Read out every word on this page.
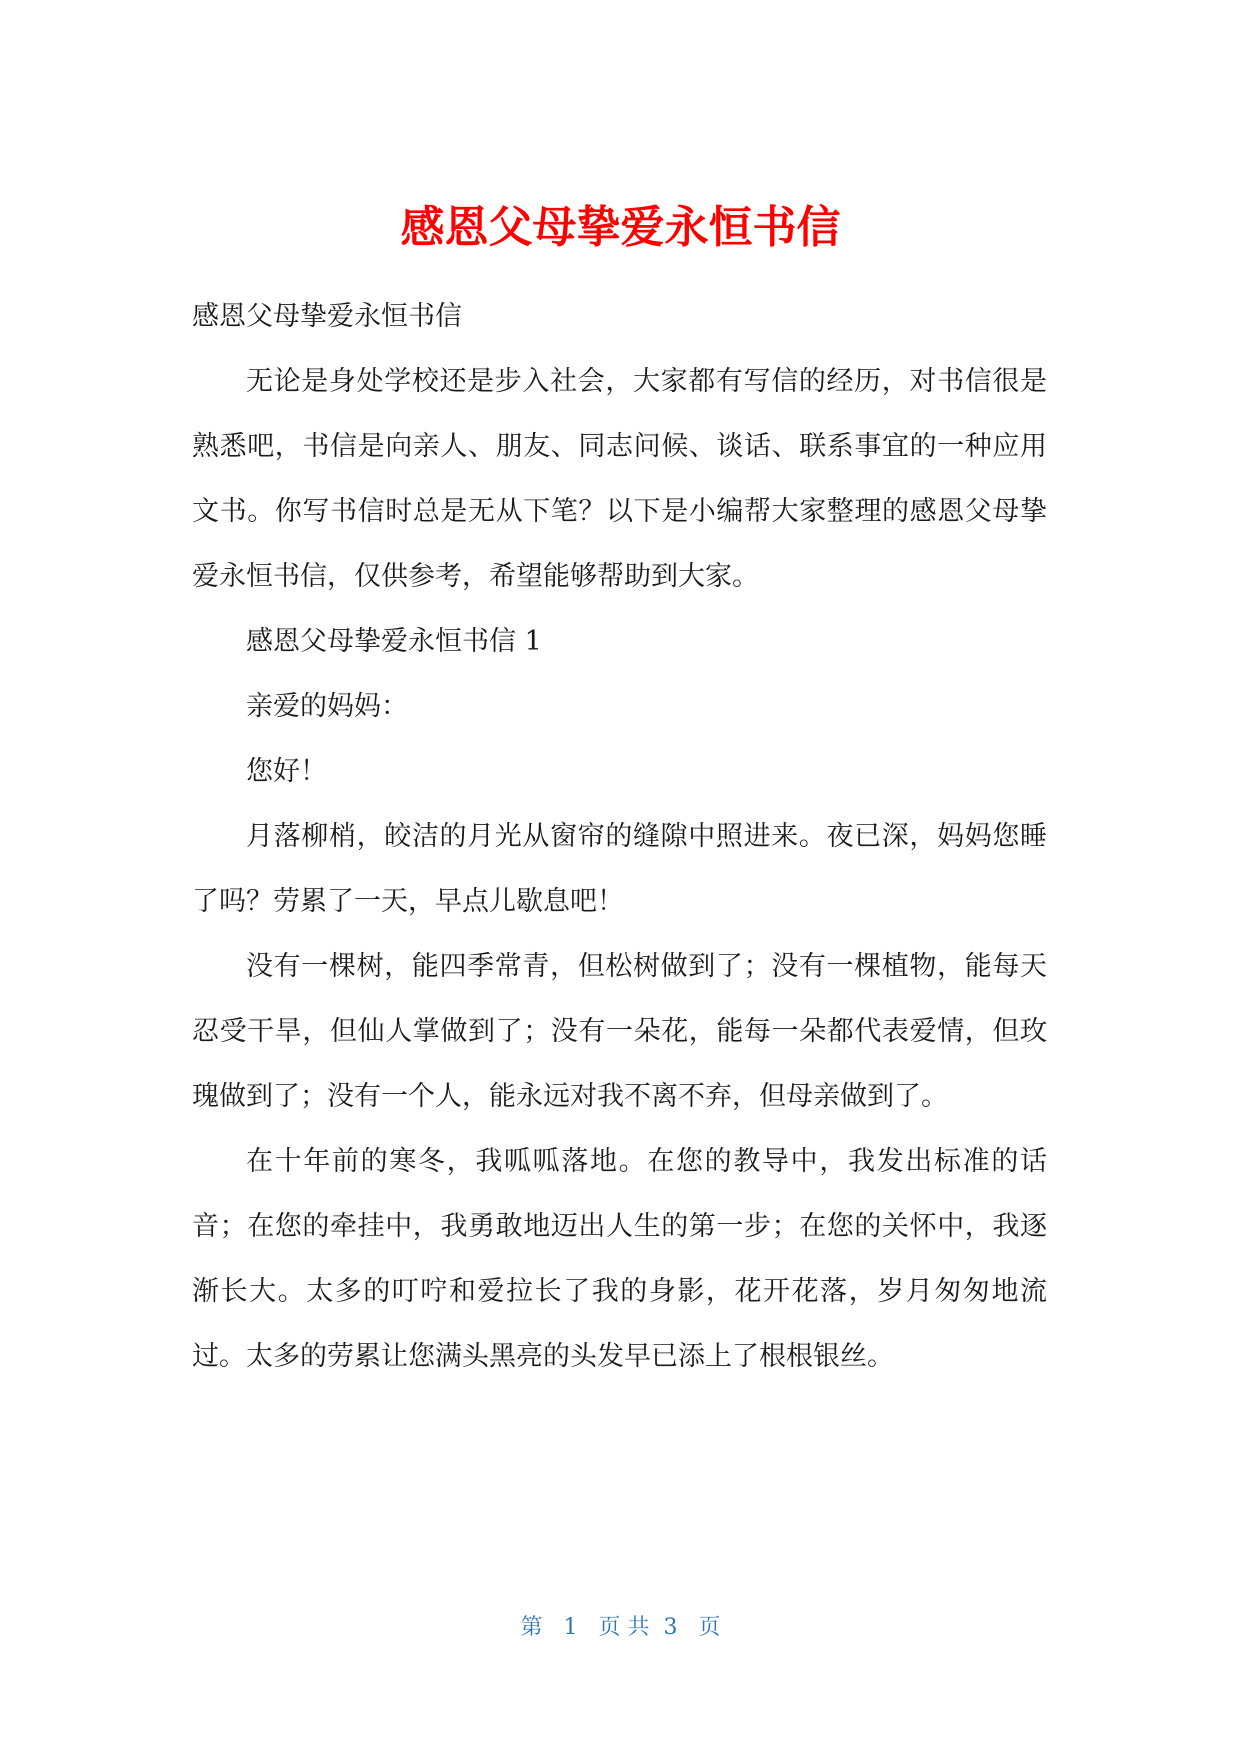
感恩父母挚爱永恒书信

感恩父母挚爱永恒书信

无论是身处学校还是步入社会，大家都有写信的经历，对书信很是熟悉吧，书信是向亲人、朋友、同志问候、谈话、联系事宜的一种应用文书。你写书信时总是无从下笔？以下是小编帮大家整理的感恩父母挚爱永恒书信，仅供参考，希望能够帮助到大家。

感恩父母挚爱永恒书信 1

亲爱的妈妈：

您好！

月落柳梢，皎洁的月光从窗帘的缝隙中照进来。夜已深，妈妈您睡了吗？劳累了一天，早点儿歇息吧！

没有一棵树，能四季常青，但松树做到了；没有一棵植物，能每天忍受干旱，但仙人掌做到了；没有一朵花，能每一朵都代表爱情，但玫瑰做到了；没有一个人，能永远对我不离不弃，但母亲做到了。

在十年前的寒冬，我呱呱落地。在您的教导中，我发出标准的话音；在您的牵挂中，我勇敢地迈出人生的第一步；在您的关怀中，我逐渐长大。太多的叮咛和爱拉长了我的身影，花开花落，岁月匆匆地流过。太多的劳累让您满头黑亮的头发早已添上了根根银丝。

第   1   页 共  3   页
